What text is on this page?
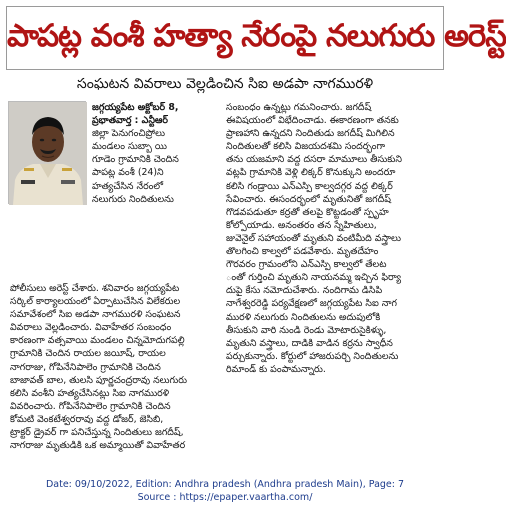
పాపట్ల వంశీ హత్యా నేరంపై నలుగురు అరెస్ట్
సంఘటన వివరాలు వెల్లడించిన సిఐ అడపా నాగమురళి

జగ్గయ్యపేట అక్టోబర్ 8,

ప్రభాతవార్త : ఎన్టీఆర్

జిల్లా పెనుగంచిప్రోలు

మండలం సుబ్బా యి

గూడెం గ్రామానికి చెందిన

పాపట్ల వంశీ (24)ని

హత్యచేసిన నేరంలో

నలుగురు నిందితులను

పోలీసులు అరెస్ట్ చేశారు. శనివారం జగ్గయ్యపేట

సర్కిల్ కార్యాలయంలో ఏర్పాటుచేసిన విలేకరుల

సమావేశంలో సిఐ అడపా నాగమురళి సంఘటన

వివరాలు వెల్లడించారు. వివాహేతర సంబంధం

కారణంగా వత్సవాయి మండలం చిన్నమోదుగపల్లి

గ్రామానికి చెందిన రాయల జయీష్, రాయల

నాగరాజు, గోపినేనిపాలెం గ్రామానికి చెందిన

బాజావత్ బాల, తులసి పూర్ణచంద్రరావు నలుగురు

కలిసి వంశీని హత్యచేసినట్లు సిఐ నాగమురళి

వివరించారు. గోపినేనిపాలెం గ్రామానికి చెందిన

కోమటి వెంకటేశ్వరరావు వద్ద డోజర్, జెసిబి,

ట్రాక్టర్ డ్రైవర్ గా పనిచేస్తున్న నిందితులు జగదీష్,

నాగరాజు మృతుడికి ఒక అమ్మాయితో వివాహేతర

సంబంధం ఉన్నట్లు గమనించారు. జగదీష్

ఈవిషయంలో విభేదించాడు. ఈకారణంగా తనకు

ప్రాణహాని ఉన్నదని నిందితుడు జగదీష్ మిగిలిన

నిందితులతో కలిసి విజయదశమి సందర్భంగా

తను యజమాని వద్ద దసరా మామూలు తీసుకుని

వట్లపి గ్రామానికి వెళ్లి లిక్కర్ కొనుక్కుని అందరూ

కలిసి గండ్రాయి ఎన్ఎస్పి కాల్వదగ్గర వద్ద లిక్కర్

సేవించారు. ఈసందర్భంలో మృతునితో జగదీష్

గొడవపడుతూ కర్రతో తలపై కొట్టడంతో స్పృహ

కోల్పోయాడు. అనంతరం తన స్నేహితులు,

జువెనైల్ సహాయంతో మృతుని వంటిమీది వస్త్రాలు

తొలగించి కాల్వలో పడవేశారు. మృతదేహం

గౌరవరం గ్రామంలోని ఎన్ఎస్పి కాల్వలో తేలట

ంతో గుర్తించి మృతుని నాయనమ్మ ఇచ్చిన ఫిర్యా

దుపై కేసు నమోదుచేశారు. నందిగామ డిసిపి

నాగేశ్వరరెడ్డి పర్యవేక్షణలో జగ్గయ్యపేట సిఐ నాగ

మురళి నలుగురు నిందితులను అదుపులోకి

తీసుకుని వారి నుండి రెండు మోటారుసైకిళ్ళు,

మృతుని వస్త్రాలు, దాడికి వాడిన కర్రను స్వాధీన

పర్చుకున్నారు. కోర్టులో హాజరుపర్చి నిందితులను

రిమాండ్ కు పంపామన్నారు.

Date: 09/10/2022, Edition: Andhra pradesh (Andhra pradesh Main), Page: 7
Source : https://epaper.vaartha.com/
